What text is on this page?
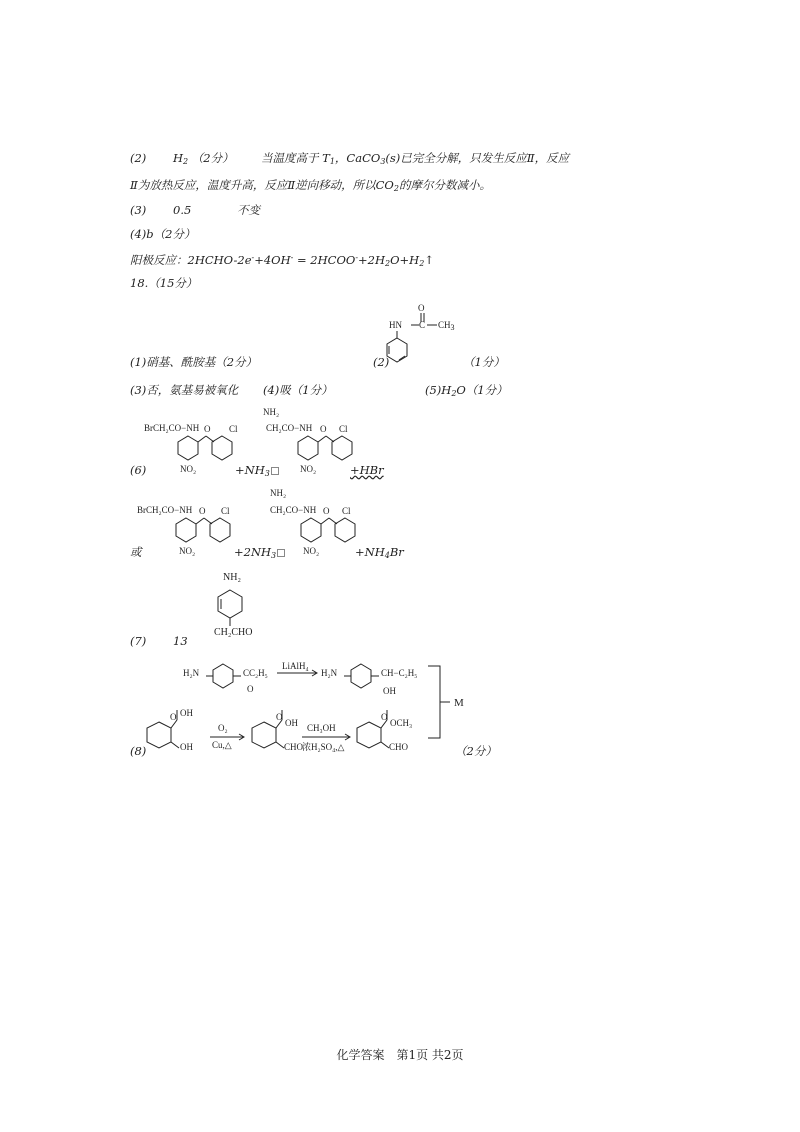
(2) $H_2$ （2分） 当温度高于 $T_1$，CaCO$_3$(s)已完全分解，只发生反应Ⅱ，反应
Ⅱ为放热反应，温度升高，反应Ⅱ逆向移动，所以$CO_2$的摩尔分数减小。
(3) 0.5	不变
(4)b（2分）
阳极反应：2HCHO-2e-+4OH- = $2HCOO^-+2H_2O+H_2↑$
18.（15分）
O
HN C CH3
(1)硝基、酰胺基（2分）	(2)	（1分）
(3)否，氨基易被氧化 (4)吸（1分）	$(5)H_2O(1$分）
BrCH₂CO−NH O Cl
NO₂
(6)	$+NH_3$
NH₂
CH₂CO−NH O Cl
NO₂	+HBr
BrCH₂CO−NH O Cl
NO₂
或	$+2NH_3$
NH₂
CH₂CO−NH O Cl
NO₂	$+NH_4Br$
NH₂
CH₂CHO
(7) 13
H₂N	CC₂H₅
O
LiAlH₄
H₂N	CH−C₂H₅
OH
M
(8)
OH
OH
O
O₂
Cu,△
O
OH
CHO
CH₃OH
浓H₂SO₄,△
O
OCH₃
CHO	（2分）
化学答案　第1页 共2页
